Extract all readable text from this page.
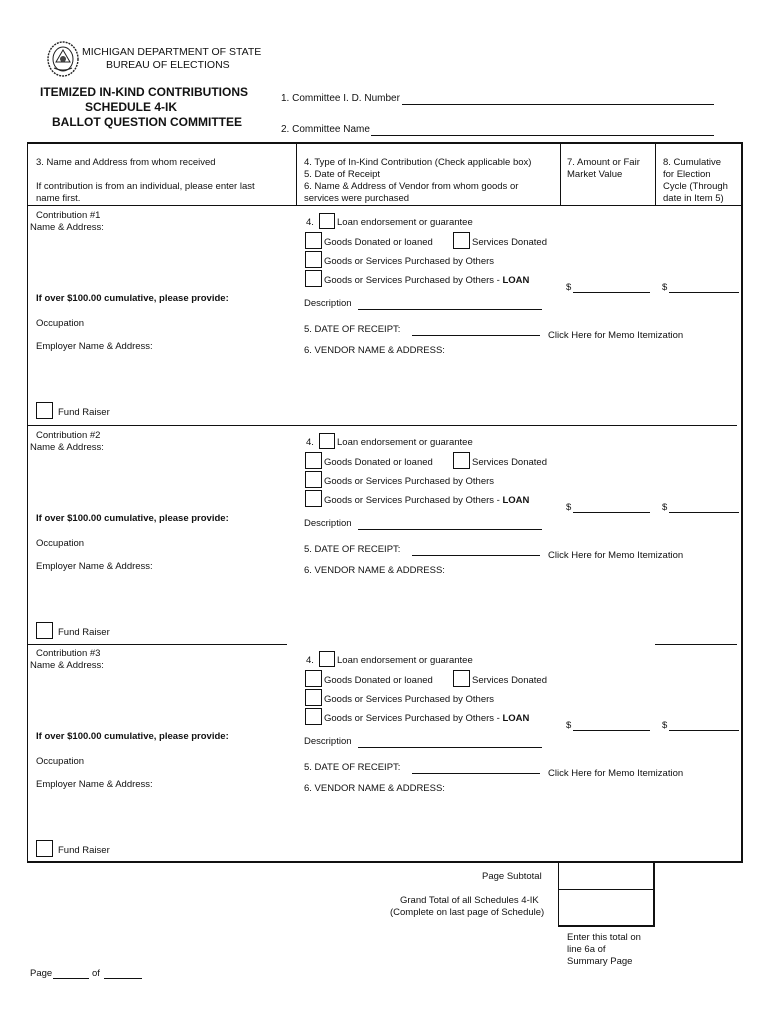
MICHIGAN DEPARTMENT OF STATE
BUREAU OF ELECTIONS
ITEMIZED IN-KIND CONTRIBUTIONS
SCHEDULE 4-IK
BALLOT QUESTION COMMITTEE
1. Committee I. D. Number
2. Committee Name
3. Name and Address from whom received
If contribution is from an individual, please enter last
name first.
4. Type of In-Kind Contribution (Check applicable box)
5. Date of Receipt
6. Name & Address of Vendor from whom goods or
services were purchased
7. Amount or Fair
Market Value
8. Cumulative
for Election
Cycle (Through
date in Item 5)
Contribution #1
Name & Address:
If over $100.00 cumulative, please provide:
Occupation
Employer Name & Address:
Fund Raiser
4. Loan endorsement or guarantee
Goods Donated or loaned	Services Donated
Goods or Services Purchased by Others
Goods or Services Purchased by Others - LOAN
Description
5. DATE OF RECEIPT:
6. VENDOR NAME & ADDRESS:
Click Here for Memo Itemization
$	$
Contribution #2
Name & Address:
If over $100.00 cumulative, please provide:
Occupation
Employer Name & Address:
Fund Raiser
4. Loan endorsement or guarantee
Goods Donated or loaned	Services Donated
Goods or Services Purchased by Others
Goods or Services Purchased by Others - LOAN
Description
5. DATE OF RECEIPT:
6. VENDOR NAME & ADDRESS:
Click Here for Memo Itemization
$	$
Contribution #3
Name & Address:
If over $100.00 cumulative, please provide:
Occupation
Employer Name & Address:
Fund Raiser
4. Loan endorsement or guarantee
Goods Donated or loaned	Services Donated
Goods or Services Purchased by Others
Goods or Services Purchased by Others - LOAN
Description
5. DATE OF RECEIPT:
6. VENDOR NAME & ADDRESS:
Click Here for Memo Itemization
$	$
Page Subtotal
Grand Total of all Schedules 4-IK
(Complete on last page of Schedule)
Enter this total on
line 6a of
Summary Page
Page	of
